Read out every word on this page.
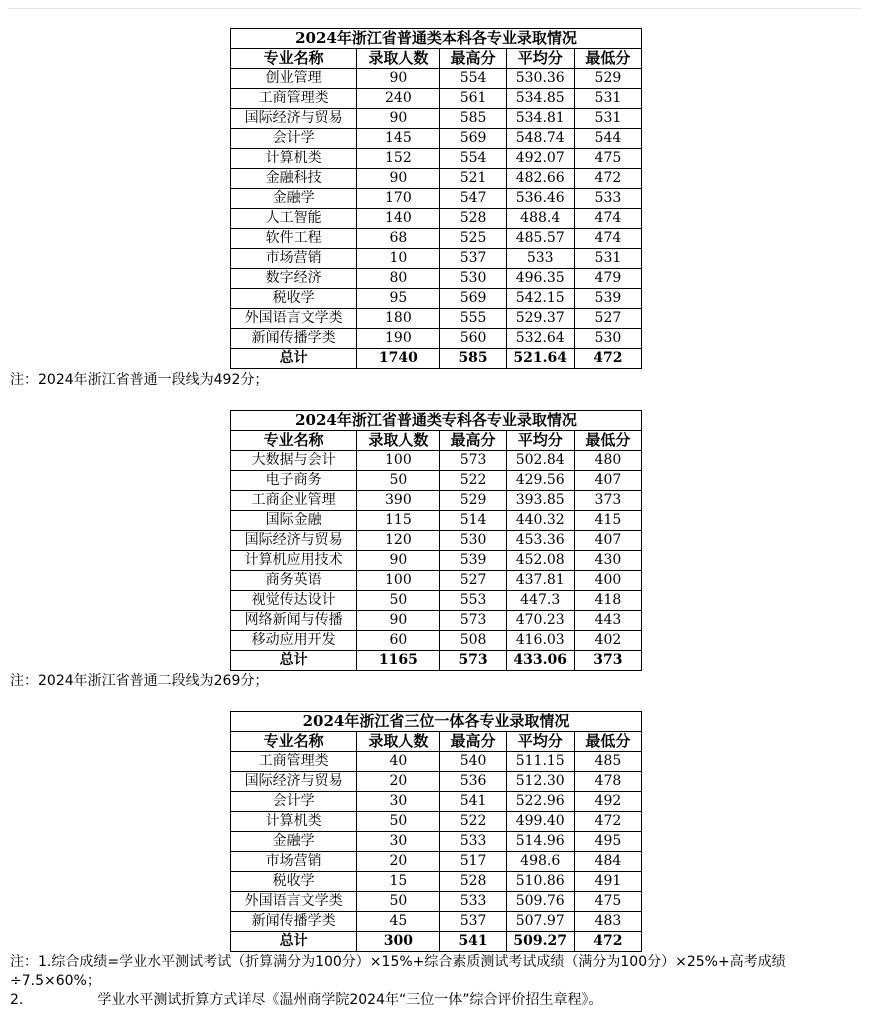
2024年浙江省普通类本科各专业录取情况				
专业名称	录取人数	最高分	平均分	最低分
创业管理	90	554	530.36	529
工商管理类	240	561	534.85	531
国际经济与贸易	90	585	534.81	531
会计学	145	569	548.74	544
计算机类	152	554	492.07	475
金融科技	90	521	482.66	472
金融学	170	547	536.46	533
人工智能	140	528	488.4	474
软件工程	68	525	485.57	474
市场营销	10	537	533	531
数字经济	80	530	496.35	479
税收学	95	569	542.15	539
外国语言文学类	180	555	529.37	527
新闻传播学类	190	560	532.64	530
总计	1740	585	521.64	472
注：2024年浙江省普通一段线为492分；
2024年浙江省普通类专科各专业录取情况				
专业名称	录取人数	最高分	平均分	最低分
大数据与会计	100	573	502.84	480
电子商务	50	522	429.56	407
工商企业管理	390	529	393.85	373
国际金融	115	514	440.32	415
国际经济与贸易	120	530	453.36	407
计算机应用技术	90	539	452.08	430
商务英语	100	527	437.81	400
视觉传达设计	50	553	447.3	418
网络新闻与传播	90	573	470.23	443
移动应用开发	60	508	416.03	402
总计	1165	573	433.06	373
注：2024年浙江省普通二段线为269分；
2024年浙江省三位一体各专业录取情况				
专业名称	录取人数	最高分	平均分	最低分
工商管理类	40	540	511.15	485
国际经济与贸易	20	536	512.30	478
会计学	30	541	522.96	492
计算机类	50	522	499.40	472
金融学	30	533	514.96	495
市场营销	20	517	498.6	484
税收学	15	528	510.86	491
外国语言文学类	50	533	509.76	475
新闻传播学类	45	537	507.97	483
总计	300	541	509.27	472
注：1.综合成绩=学业水平测试考试（折算满分为100分）×15%+综合素质测试考试成绩（满分为100分）×25%+高考成绩÷7.5×60%；
2.	学业水平测试折算方式详尽《温州商学院2024年“三位一体”综合评价招生章程》。
